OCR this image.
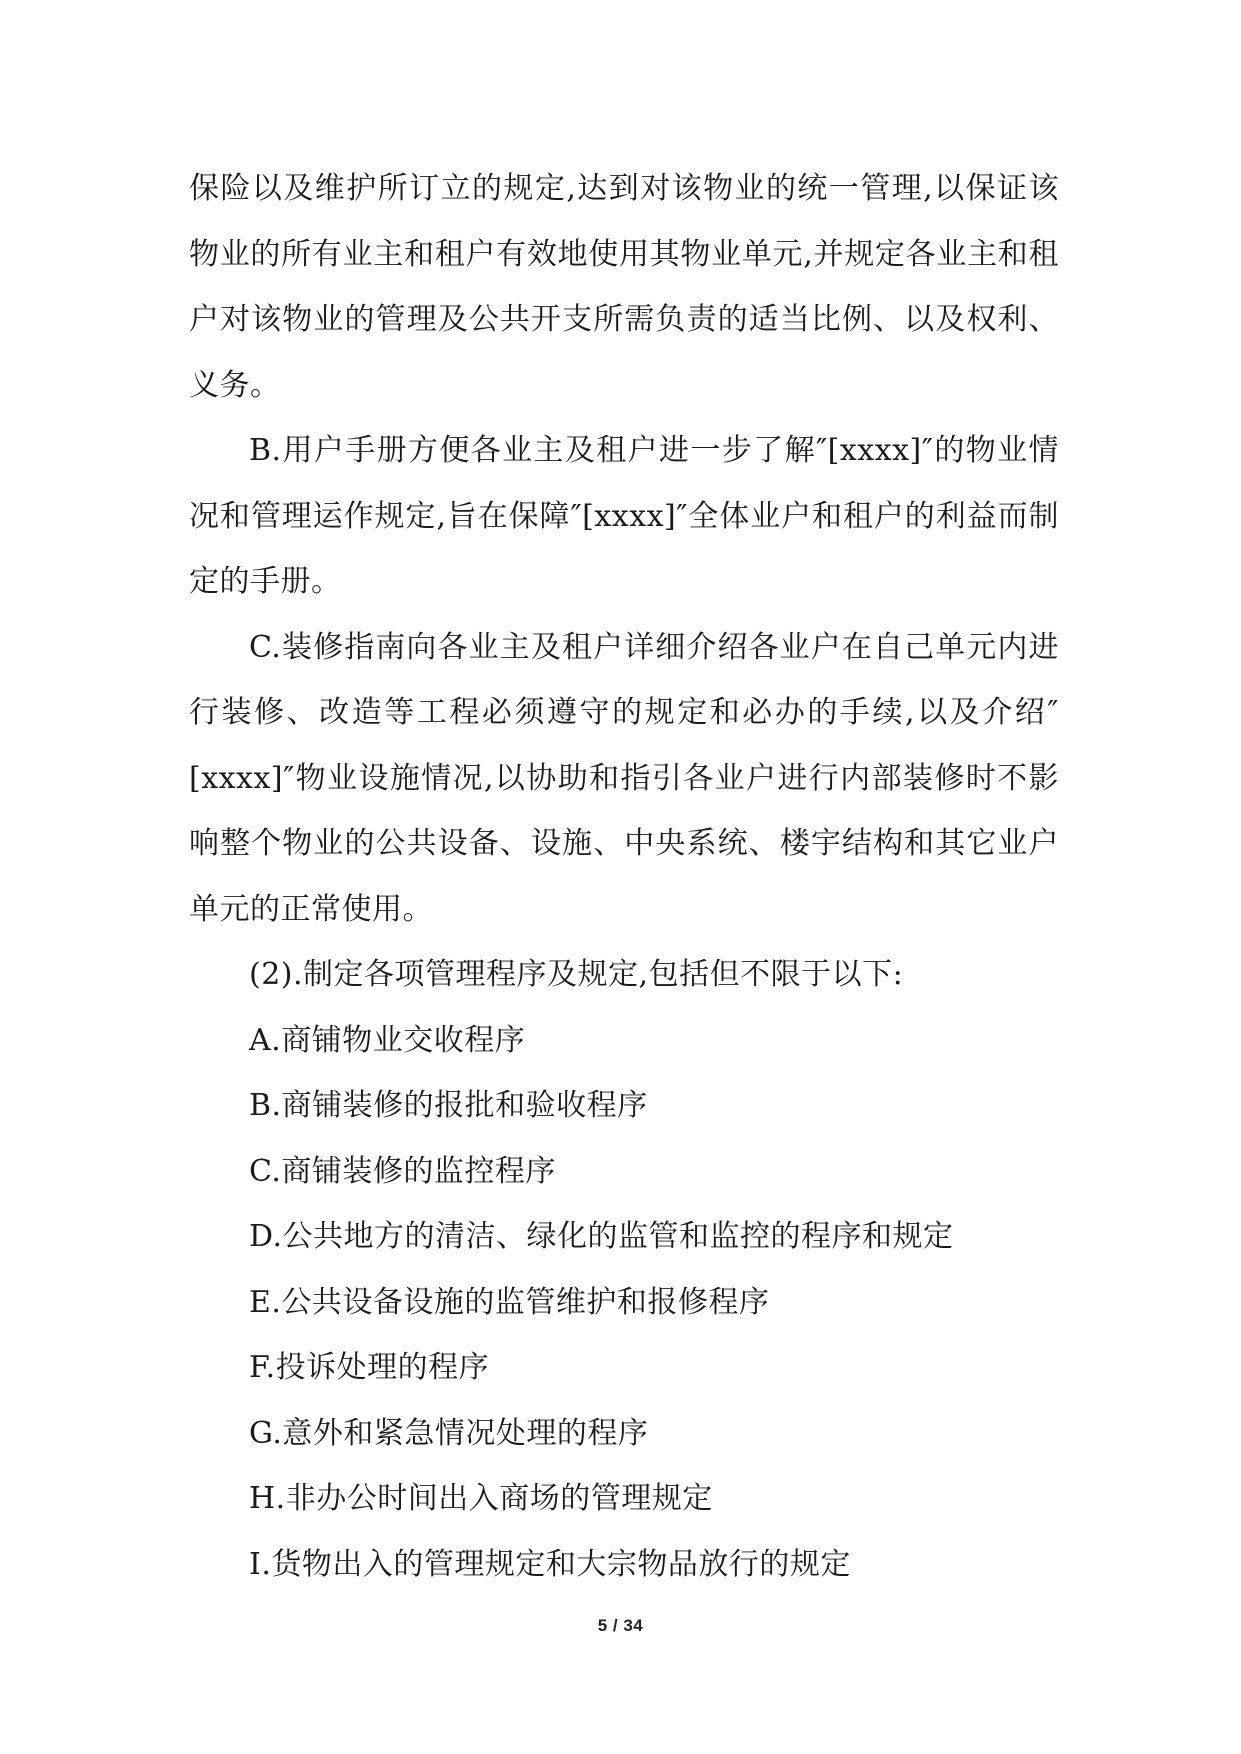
保险以及维护所订立的规定,达到对该物业的统一管理,以保证该物业的所有业主和租户有效地使用其物业单元,并规定各业主和租户对该物业的管理及公共开支所需负责的适当比例、以及权利、义务。

B.用户手册方便各业主及租户进一步了解″[xxxx]″的物业情况和管理运作规定,旨在保障″[xxxx]″全体业户和租户的利益而制定的手册。

C.装修指南向各业主及租户详细介绍各业户在自己单元内进行装修、改造等工程必须遵守的规定和必办的手续,以及介绍″[xxxx]″物业设施情况,以协助和指引各业户进行内部装修时不影响整个物业的公共设备、设施、中央系统、楼宇结构和其它业户单元的正常使用。

(2).制定各项管理程序及规定,包括但不限于以下:

A.商铺物业交收程序

B.商铺装修的报批和验收程序

C.商铺装修的监控程序

D.公共地方的清洁、绿化的监管和监控的程序和规定

E.公共设备设施的监管维护和报修程序

F.投诉处理的程序

G.意外和紧急情况处理的程序

H.非办公时间出入商场的管理规定

I.货物出入的管理规定和大宗物品放行的规定

5 / 34
